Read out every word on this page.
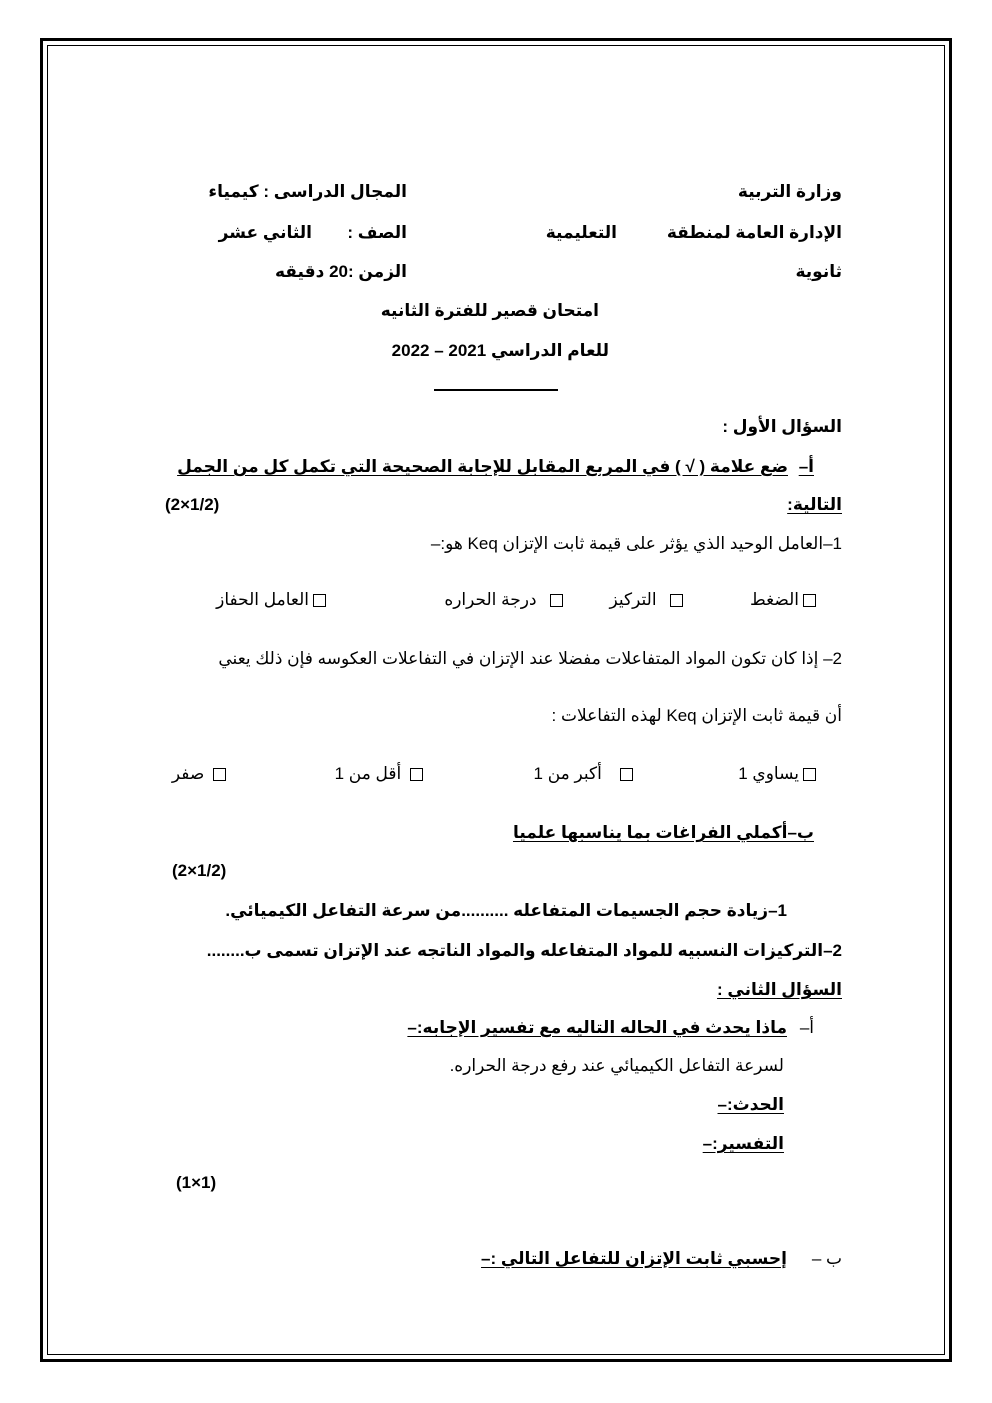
وزارة التربية
الإدارة العامة لمنطقة
التعليمية
ثانوية
المجال الدراسى : كيمياء
الصف :
الثاني عشر
الزمن :20 دقيقه
امتحان قصير للفترة الثانيه
للعام الدراسي 2021 – 2022
السؤال الأول :
أ–
ضع علامة ( √ ) في المربع المقابل للإجابة الصحيحة التي تكمل كل من الجمل
التالية:
(2×1/2)
1–العامل الوحيد الذي يؤثر على قيمة ثابت الإتزان Keq هو:–
الضغط
التركيز
درجة الحراره
العامل الحفاز
2– إذا كان تكون المواد المتفاعلات مفضلا عند الإتزان في التفاعلات العكوسه فإن ذلك يعني
أن قيمة ثابت الإتزان Keq لهذه التفاعلات :
يساوي 1
أكبر من 1
أقل من 1
صفر
ب–أكملي الفراغات بما يناسبها علميا
(2×1/2)
1–زيادة حجم الجسيمات المتفاعله ..........من سرعة التفاعل الكيميائي.
2–التركيزات النسبيه للمواد المتفاعله والمواد الناتجه عند الإتزان تسمى ب........
السؤال الثاني :
أ–
ماذا يحدث في الحاله التاليه مع تفسير الإجابه:–
لسرعة التفاعل الكيميائي عند رفع درجة الحراره.
الحدث:–
التفسير:–
(1×1)
ب –
إحسبي ثابت الإتزان للتفاعل التالي :–
